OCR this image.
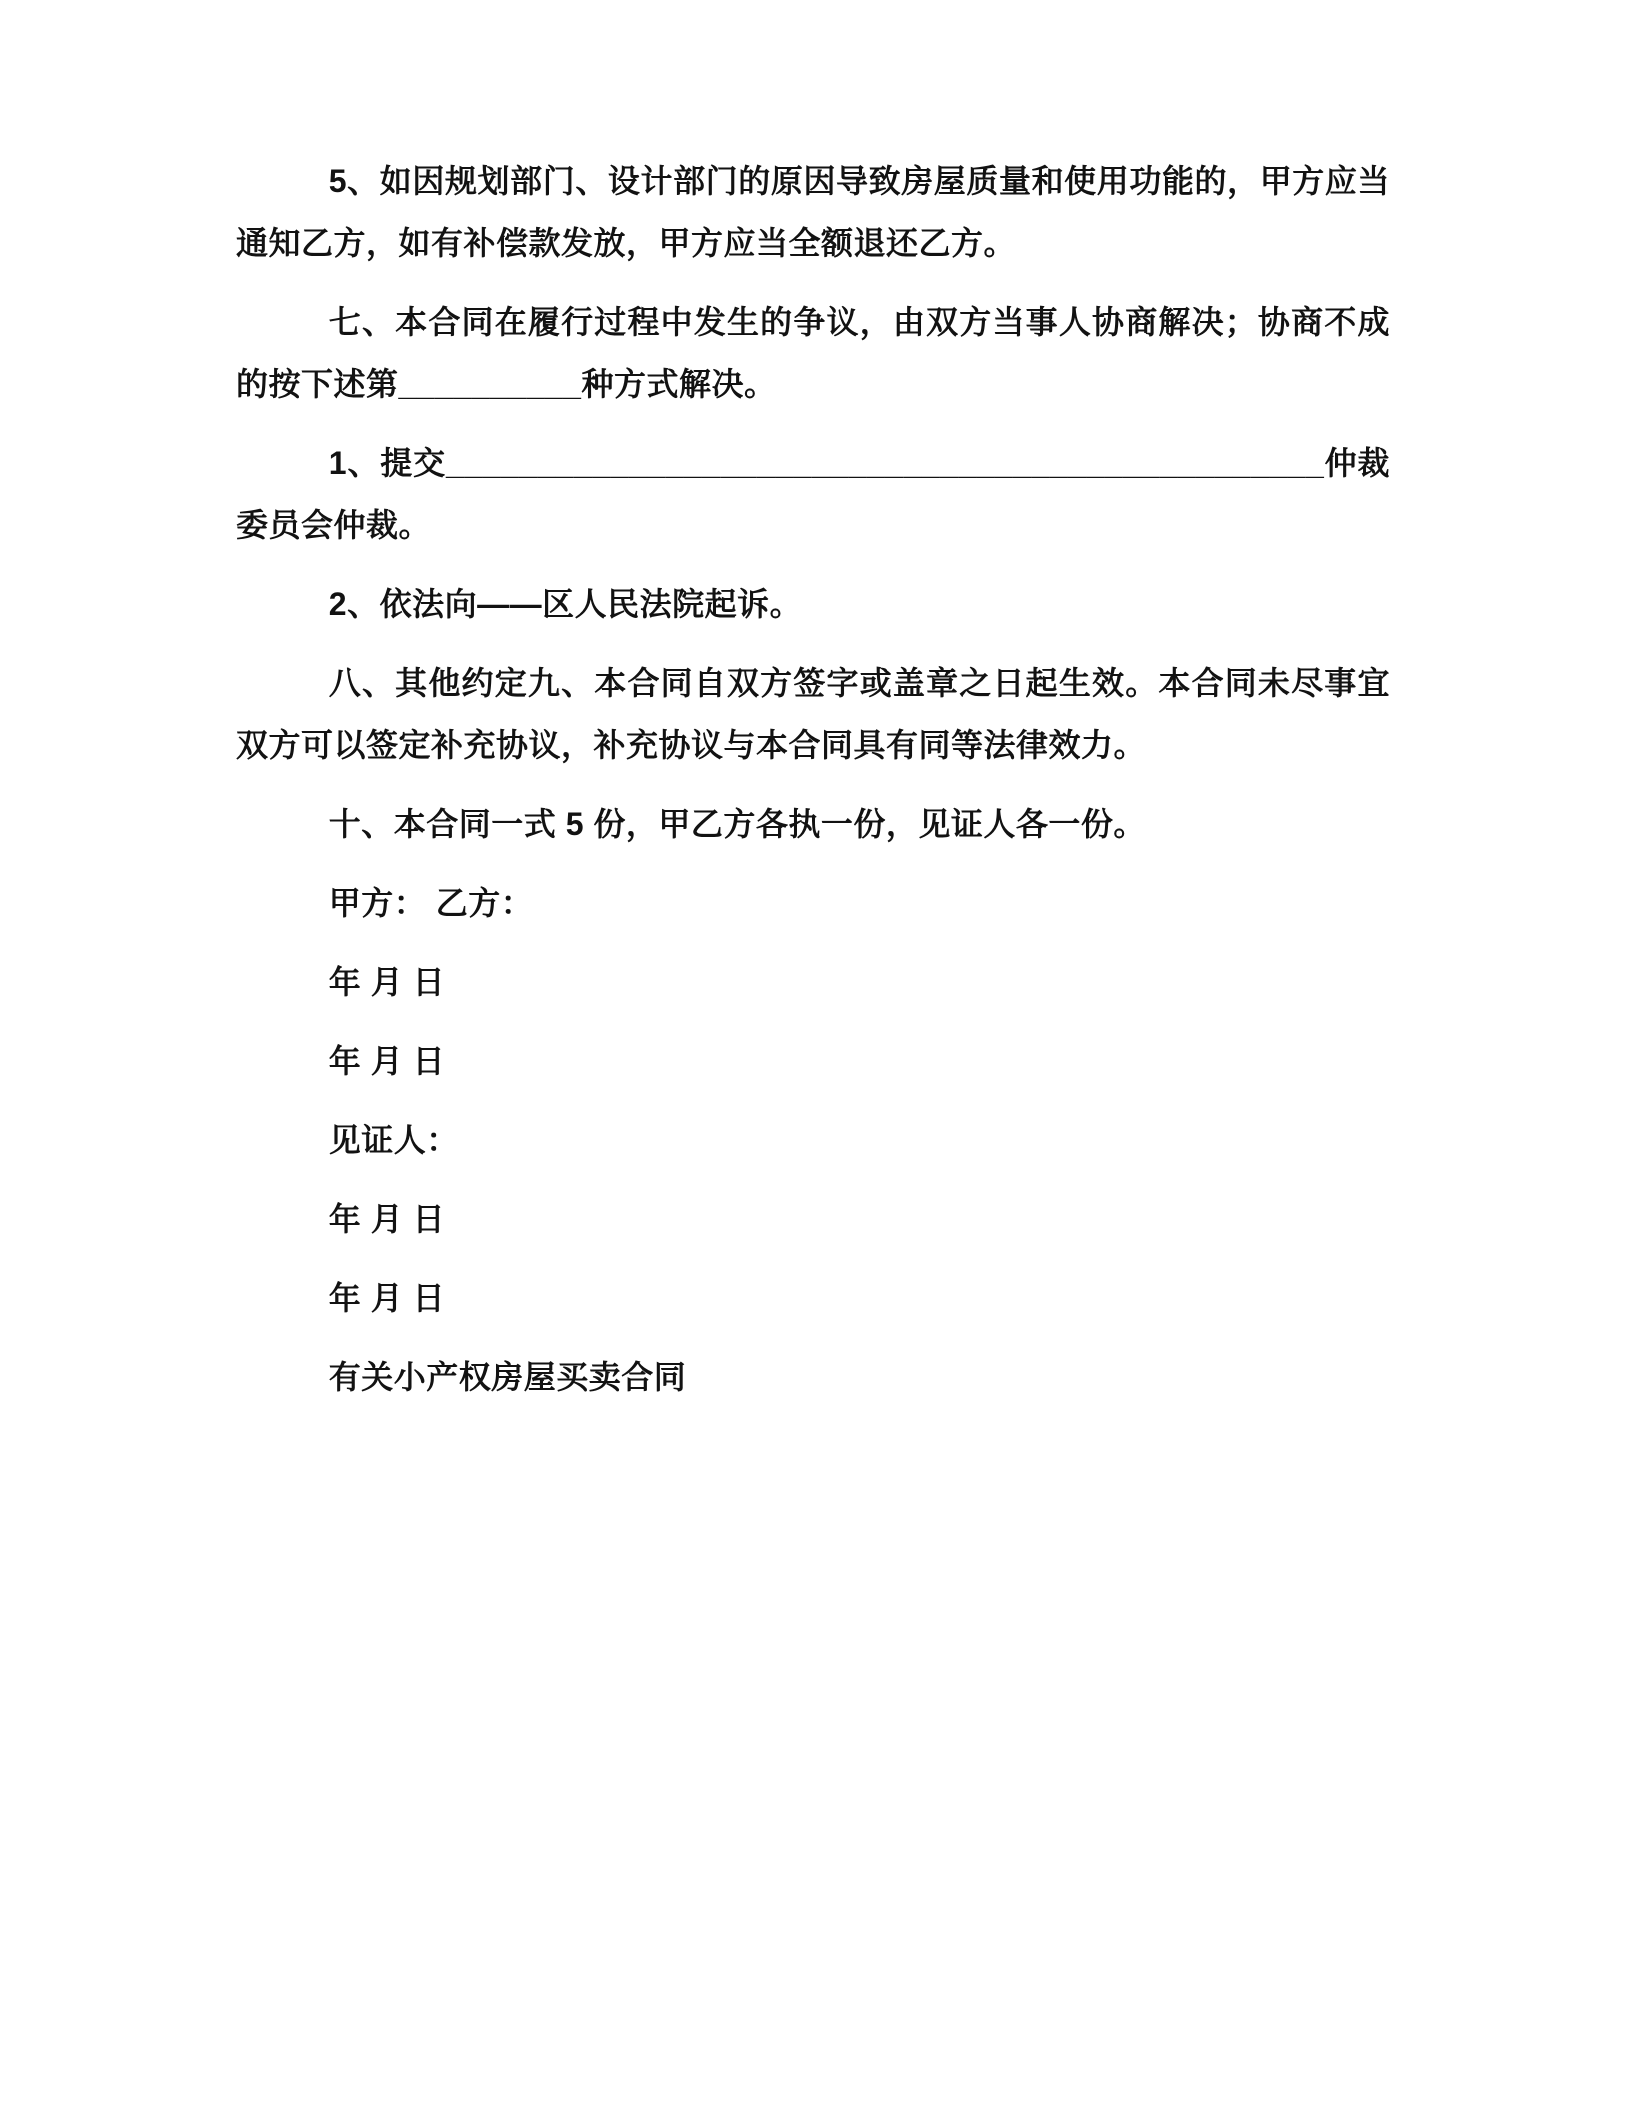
5、如因规划部门、设计部门的原因导致房屋质量和使用功能的，甲方应当通知乙方，如有补偿款发放，甲方应当全额退还乙方。

七、本合同在履行过程中发生的争议，由双方当事人协商解决；协商不成的按下述第__________种方式解决。

1、提交________________________________________________仲裁委员会仲裁。

2、依法向——区人民法院起诉。

八、其他约定九、本合同自双方签字或盖章之日起生效。本合同未尽事宜双方可以签定补充协议，补充协议与本合同具有同等法律效力。

十、本合同一式 5 份，甲乙方各执一份，见证人各一份。

甲方： 乙方：

年 月 日

年 月 日

见证人：

年 月 日

年 月 日

有关小产权房屋买卖合同
